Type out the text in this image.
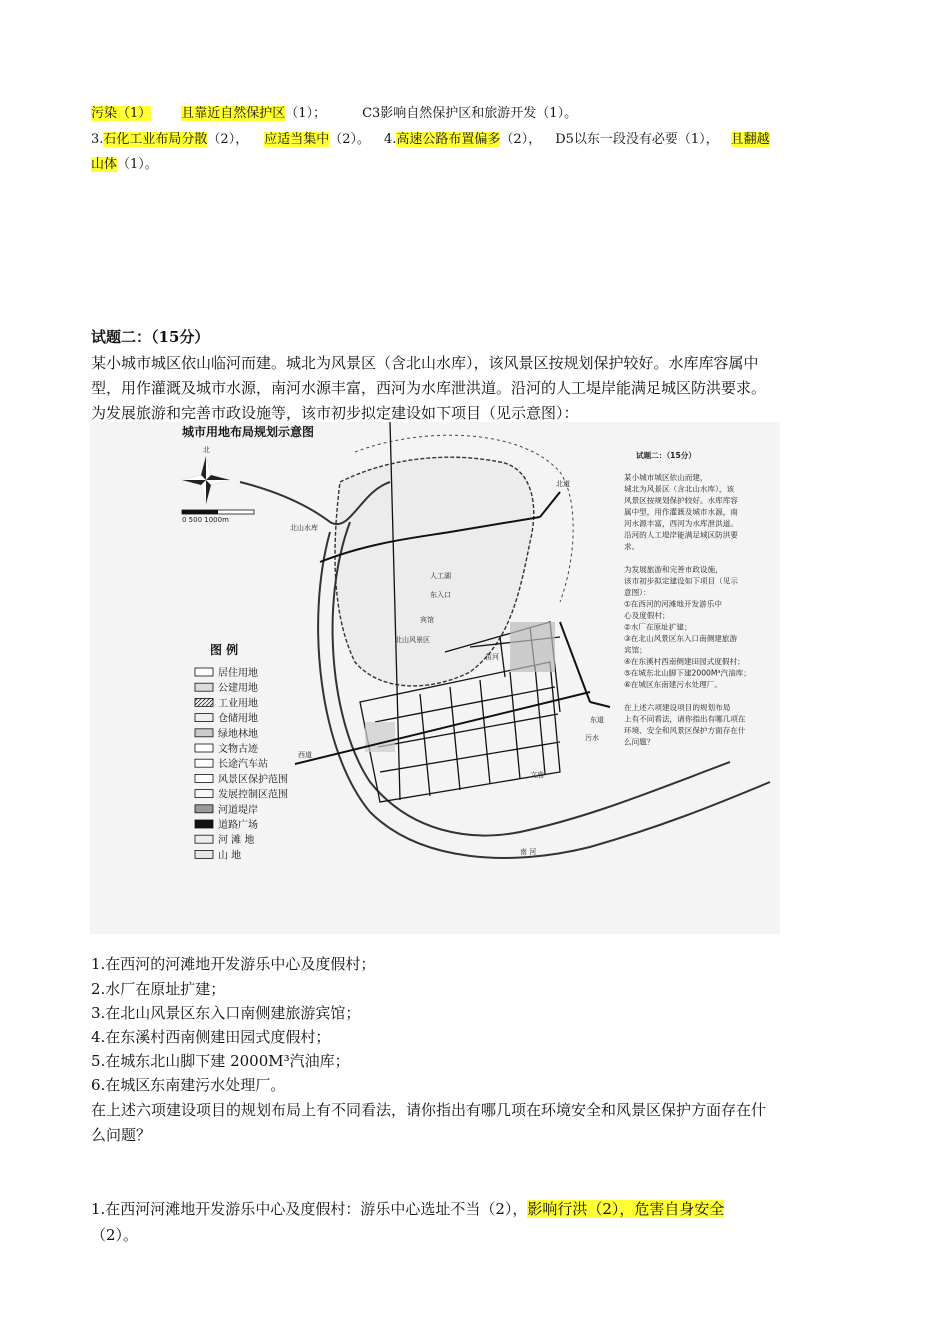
污染（1） 且靠近自然保护区（1）；	C3影响自然保护区和旅游开发（1）。
3.石化工业布局分散（2）， 应适当集中（2）。 4.高速公路布置偏多（2）， D5以东一段没有必要（1）， 且翻越
山体（1）。
试题二：（15分）
某小城市城区依山临河而建。城北为风景区（含北山水库），该风景区按规划保护较好。水库库容属中
型，用作灌溉及城市水源，南河水源丰富，西河为水库泄洪道。沿河的人工堤岸能满足城区防洪要求。
为发展旅游和完善市政设施等，该市初步拟定建设如下项目（见示意图）：
城市用地布局规划示意图
北
0 500 1000m
南 河
西道
东道
北道
北山水库
苗河
文庙
污水
宾馆
东入口
人工湖
北山风景区
图 例
居住用地
公建用地
工业用地
仓储用地
绿地林地
文物古迹
长途汽车站
风景区保护范围
发展控制区范围
河道堤岸
道路广场
河 滩 地
山 地
试题二：（15分）
某小城市城区依山而建，
城北为风景区（含北山水库），该
风景区按规划保护较好。水库库容
属中型，用作灌溉及城市水源，南
河水源丰富，西河为水库泄洪道。
沿河的人工堤岸能满足城区防洪要
求。
为发展旅游和完善市政设施，
该市初步拟定建设如下项目（见示
意图）：
①在西河的河滩地开发游乐中
心及度假村；
②水厂在原址扩建；
③在北山风景区东入口南侧建旅游
宾馆；
④在东溪村西南侧建田园式度假村；
⑤在城东北山脚下建2000M³汽油库；
⑥在城区东南建污水处理厂。
在上述六项建设项目的规划布局
上有不同看法，请你指出有哪几项在
环境、安全和风景区保护方面存在什
么问题？
1.在西河的河滩地开发游乐中心及度假村；
2.水厂在原址扩建；
3.在北山风景区东入口南侧建旅游宾馆；
4.在东溪村西南侧建田园式度假村；
5.在城东北山脚下建 2000M³汽油库；
6.在城区东南建污水处理厂。
在上述六项建设项目的规划布局上有不同看法，请你指出有哪几项在环境安全和风景区保护方面存在什
么问题？
1.在西河河滩地开发游乐中心及度假村：游乐中心选址不当（2），影响行洪（2），危害自身安全
（2）。
